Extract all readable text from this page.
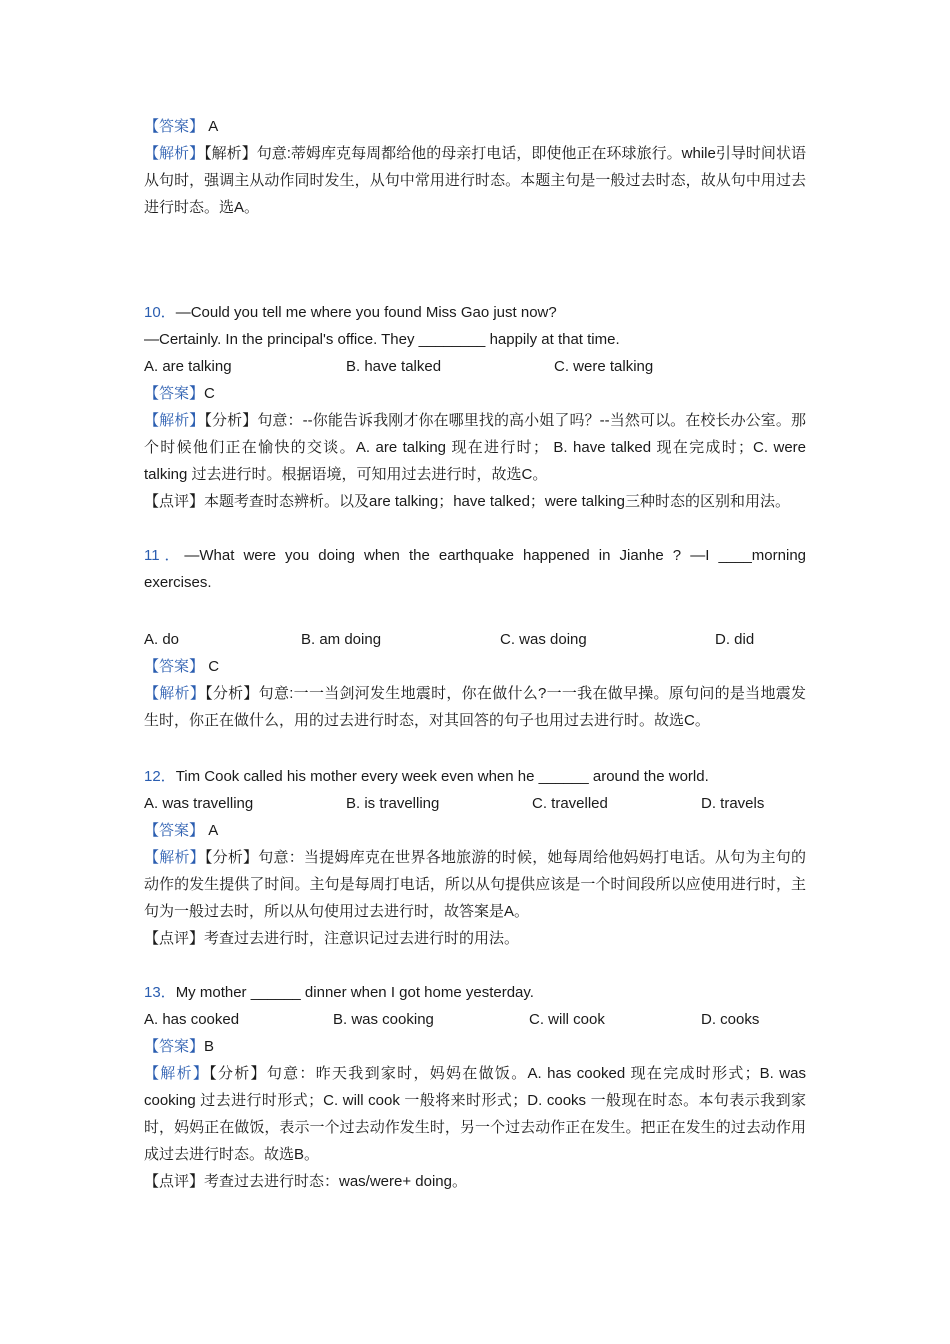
【答案】 A
【解析】【解析】句意:蒂姆库克每周都给他的母亲打电话，即使他正在环球旅行。while引导时间状语从句时，强调主从动作同时发生，从句中常用进行时态。本题主句是一般过去时态，故从句中用过去进行时态。选A。
10．—Could you tell me where you found Miss Gao just now?
—Certainly. In the principal's office. They ________ happily at that time.
A. are talking	B. have talked	C. were talking
【答案】C
【解析】【分析】句意：--你能告诉我刚才你在哪里找的高小姐了吗？--当然可以。在校长办公室。那个时候他们正在愉快的交谈。A. are talking 现在进行时； B. have talked 现在完成时；C. were talking 过去进行时。根据语境，可知用过去进行时，故选C。
【点评】本题考查时态辨析。以及are talking；have talked；were talking三种时态的区别和用法。
11．—What were you doing when the earthquake happened in Jianhe ? —I ____morning exercises.
A. do	B. am doing	C. was doing	D. did
【答案】 C
【解析】【分析】句意:一一当剑河发生地震时，你在做什么?一一我在做早操。原句问的是当地震发生时，你正在做什么，用的过去进行时态，对其回答的句子也用过去进行时。故选C。
12．Tim Cook called his mother every week even when he ______ around the world.
A. was travelling	B. is travelling	C. travelled	D. travels
【答案】 A
【解析】【分析】句意：当提姆库克在世界各地旅游的时候，她每周给他妈妈打电话。从句为主句的动作的发生提供了时间。主句是每周打电话，所以从句提供应该是一个时间段所以应使用进行时，主句为一般过去时，所以从句使用过去进行时，故答案是A。
【点评】考查过去进行时，注意识记过去进行时的用法。
13．My mother ______ dinner when I got home yesterday.
A. has cooked	B. was cooking	C. will cook	D. cooks
【答案】B
【解析】【分析】句意：昨天我到家时，妈妈在做饭。A. has cooked 现在完成时形式；B. was cooking 过去进行时形式；C. will cook 一般将来时形式；D. cooks 一般现在时态。本句表示我到家时，妈妈正在做饭，表示一个过去动作发生时，另一个过去动作正在发生。把正在发生的过去动作用成过去进行时态。故选B。
【点评】考查过去进行时态：was/were+ doing。
